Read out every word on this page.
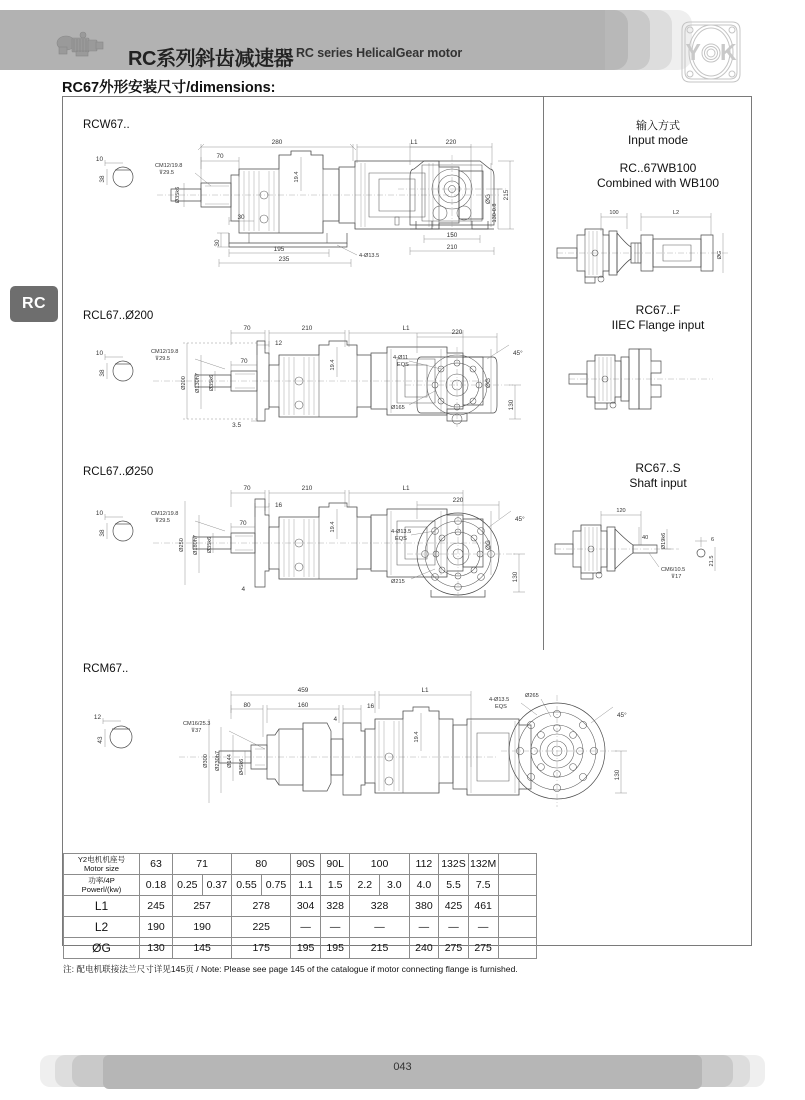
RC系列斜齿减速器 RC series HelicalGear motor	Y   K
RC
RC67外形安装尺寸/dimensions:
RCW67..
280	L1
70
ØG
19.4
CM12/19.8
⊽29.5
Ø35k6
30
30
195
235	4-Ø13.5
10
38
220
215
130-0.8
150
210
RCL67..Ø200
70	210	L1
12
70	19.4
ØG
Ø200 Ø130h7 Ø35k6
CM12/19.8
⊽29.5
3.5
10
38
220
45°
130
4-Ø11
EQS
Ø165
RCL67..Ø250
70	210	L1
16
70	19.4
ØG
Ø250 Ø180h7 Ø35k6
CM12/19.8
⊽29.5
4
10
38
220
45°
130
4-Ø13.5
EQS
Ø215
RCM67..
459	L1
80	160	16
4
19.4
Ø300 Ø230h7 Ø144 Ø45k6
CM16/25.3
⊽37
12
43
4-Ø13.5
EQS
Ø265
45°
130
输入方式
Input mode
RC..67WB100
Combined with WB100
100	L2
ØG
RC67..F
IIEC Flange input
RC67..S
Shaft input
120
40 Ø19k6
CM6/10.5
⊽17
6
21.5
Y2电机机座号
Motor size	63	71		80		90S	90L	100		112	132S	132M		

功率/4P
Powerl/(kw)	0.18	0.25	0.37	0.55	0.75	1.1	1.5	2.2	3.0	4.0	5.5	7.5		
L1	245	257		278		304	328	328		380	425	461		
L2	190	190		225		—	—	—		—	—	—		
ØG	130	145		175		195	195	215		240	275	275		
注: 配电机联接法兰尺寸详见145页 / Note: Please see page 145 of the catalogue if motor connecting flange is furnished.
043
